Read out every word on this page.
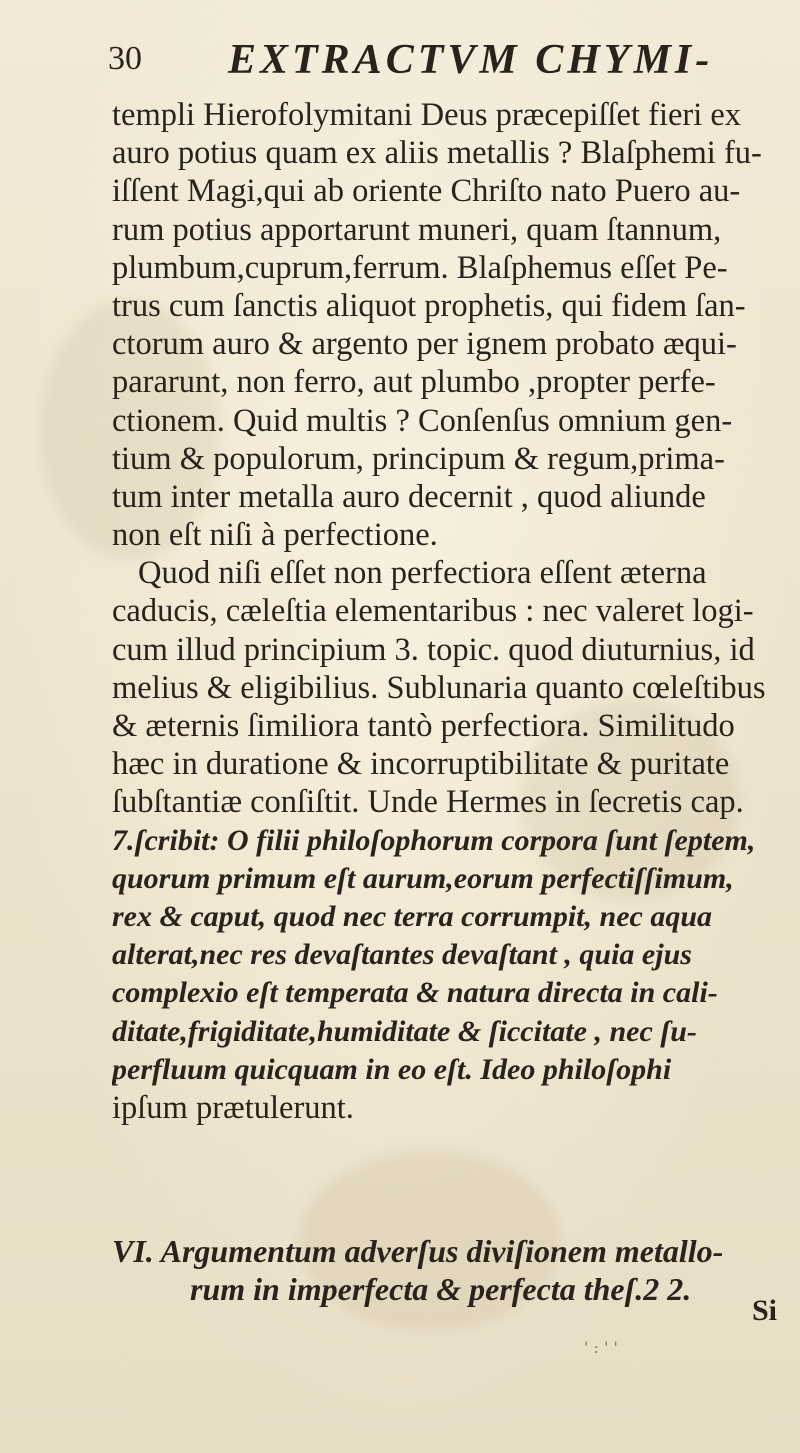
30 EXTRACTVM CHYMI-
templi Hierofolymitani Deus præcepiſſet fieri ex
auro potius quam ex aliis metallis ? Blaſphemi fu-
iſſent Magi,qui ab oriente Chriſto nato Puero au-
rum potius apportarunt muneri, quam ſtannum,
plumbum,cuprum,ferrum. Blaſphemus eſſet Pe-
trus cum ſanctis aliquot prophetis, qui fidem ſan-
ctorum auro & argento per ignem probato æqui-
pararunt, non ferro, aut plumbo ,propter perfe-
ctionem. Quid multis ? Conſenſus omnium gen-
tium & populorum, principum & regum,prima-
tum inter metalla auro decernit , quod aliunde
non eſt niſi à perfectione.
Quod niſi eſſet non perfectiora eſſent æterna
caducis, cæleſtia elementaribus : nec valeret logi-
cum illud principium 3. topic. quod diuturnius, id
melius & eligibilius. Sublunaria quanto cœleſtibus
& æternis ſimiliora tantò perfectiora. Similitudo
hæc in duratione & incorruptibilitate & puritate
ſubſtantiæ conſiſtit. Unde Hermes in ſecretis cap.
7.ſcribit: O filii philoſophorum corpora ſunt ſeptem,
quorum primum eſt aurum,eorum perfectiſſimum,
rex & caput, quod nec terra corrumpit, nec aqua
alterat,nec res devaſtantes devaſtant , quia ejus
complexio eſt temperata & natura directa in cali-
ditate,frigiditate,humiditate & ſiccitate , nec ſu-
perfluum quicquam in eo eſt. Ideo philoſophi
ipſum prætulerunt.
VI. Argumentum adverſus diviſionem metallo-
rum in imperfecta & perfecta theſ.2 2.
Si
' : ' '
